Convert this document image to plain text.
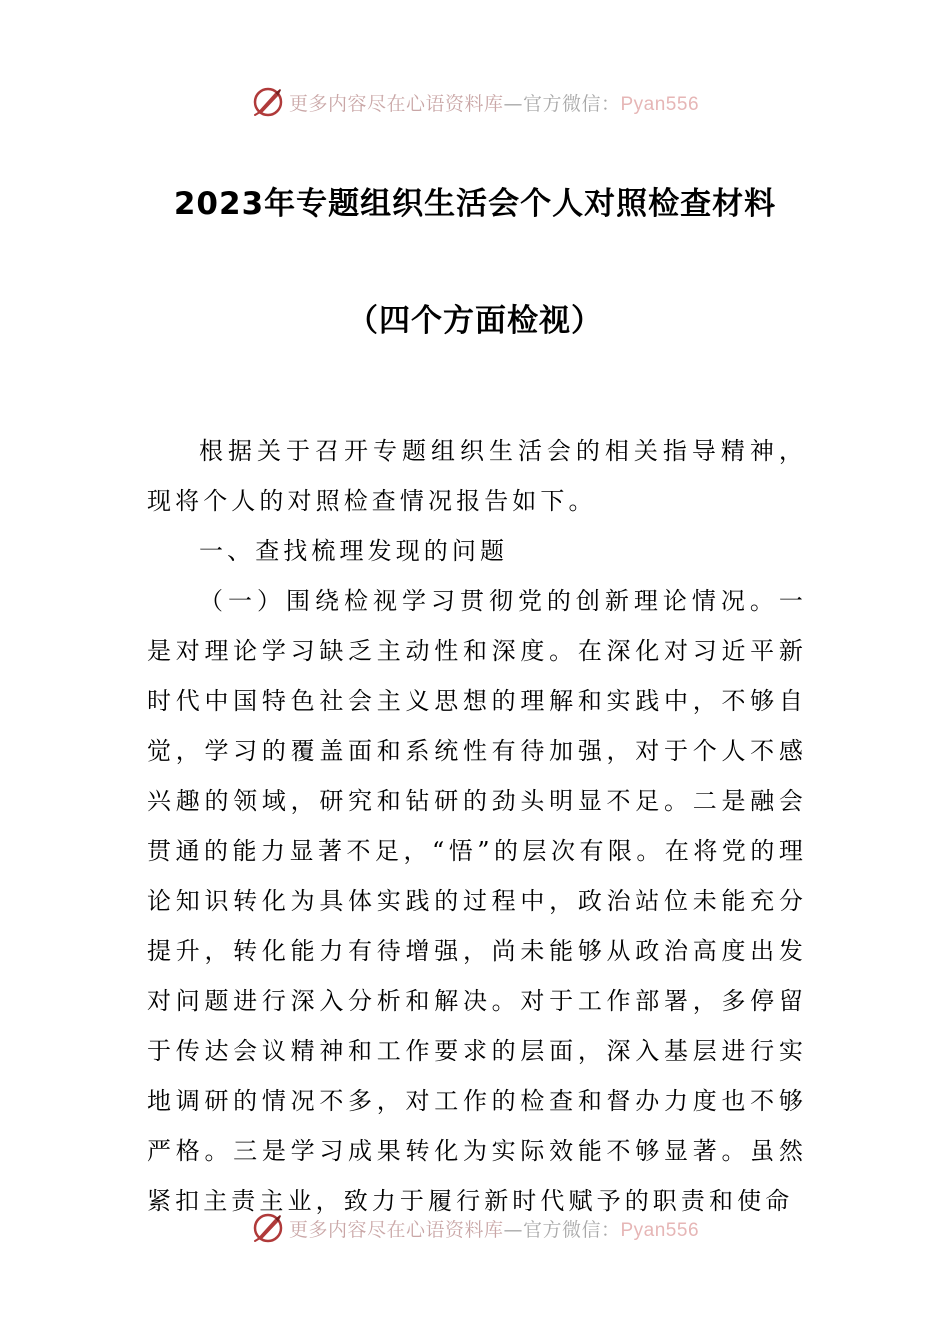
更多内容尽在心语资料库—官方微信：Pyan556
2023年专题组织生活会个人对照检查材料
（四个方面检视）

根据关于召开专题组织生活会的相关指导精神，现将个人的对照检查情况报告如下。

一、查找梳理发现的问题

（一）围绕检视学习贯彻党的创新理论情况。一是对理论学习缺乏主动性和深度。在深化对习近平新时代中国特色社会主义思想的理解和实践中，不够自觉，学习的覆盖面和系统性有待加强，对于个人不感兴趣的领域，研究和钻研的劲头明显不足。二是融会贯通的能力显著不足，“悟”的层次有限。在将党的理论知识转化为具体实践的过程中，政治站位未能充分提升，转化能力有待增强，尚未能够从政治高度出发对问题进行深入分析和解决。对于工作部署，多停留于传达会议精神和工作要求的层面，深入基层进行实地调研的情况不多，对工作的检查和督办力度也不够严格。三是学习成果转化为实际效能不够显著。虽然紧扣主责主业，致力于履行新时代赋予的职责和使命

更多内容尽在心语资料库—官方微信：Pyan556
